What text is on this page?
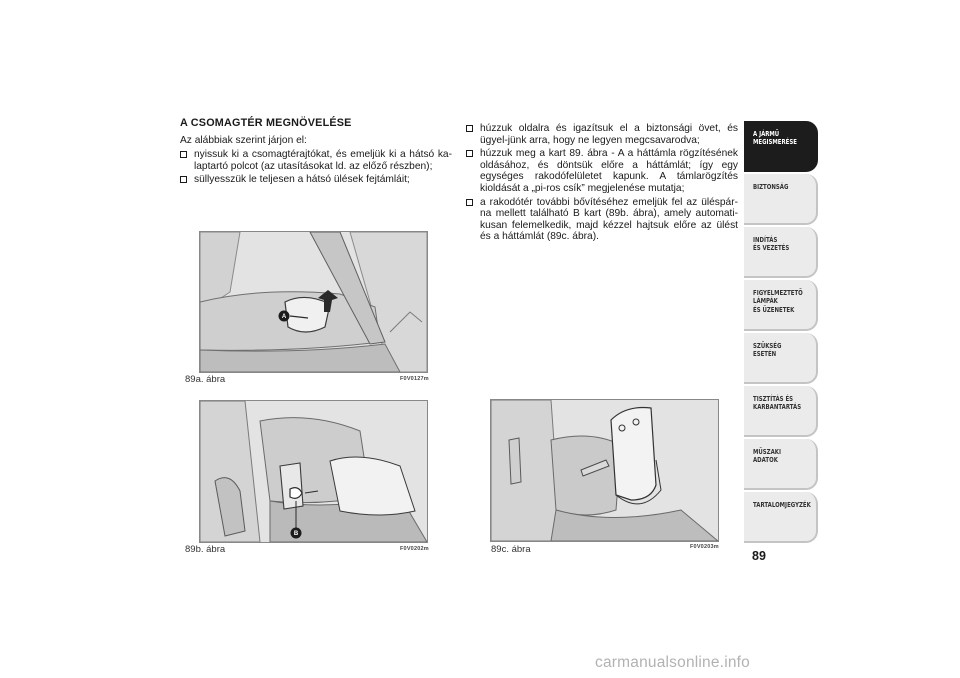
A CSOMAGTÉR MEGNÖVELÉSE
Az alábbiak szerint járjon el:
nyissuk ki a csomagtérajtókat, és emeljük ki a hátsó ka-laptartó polcot (az utasításokat ld. az előző részben);
süllyesszük le teljesen a hátsó ülések fejtámláit;
húzzuk oldalra és igazítsuk el a biztonsági övet, és ügyel-jünk arra, hogy ne legyen megcsavarodva;
húzzuk meg a kart 89. ábra - A a háttámla rögzítésének oldásához, és döntsük előre a háttámlát; így egy egységes rakodófelületet kapunk. A támlarögzítés kioldását a „pi-ros csík” megjelenése mutatja;
a rakodótér további bővítéséhez emeljük fel az üléspár-na mellett található B kart (89b. ábra), amely automati-kusan felemelkedik, majd kézzel hajtsuk előre az ülést és a háttámlát (89c. ábra).
A
89a. ábra	F0V0127m
B
89b. ábra	F0V0202m	89c. ábra	F0V0203m
A JÁRMŰ
MEGISMERÉSE
BIZTONSÁG
INDÍTÁS
ÉS VEZETÉS
FIGYELMEZTETŐ
LÁMPÁK
ÉS ÜZENETEK
SZÜKSÉG
ESETÉN
TISZTÍTÁS ÉS
KARBANTARTÁS
MŰSZAKI
ADATOK
TARTALOMJEGYZÉK
89
carmanualsonline.info
